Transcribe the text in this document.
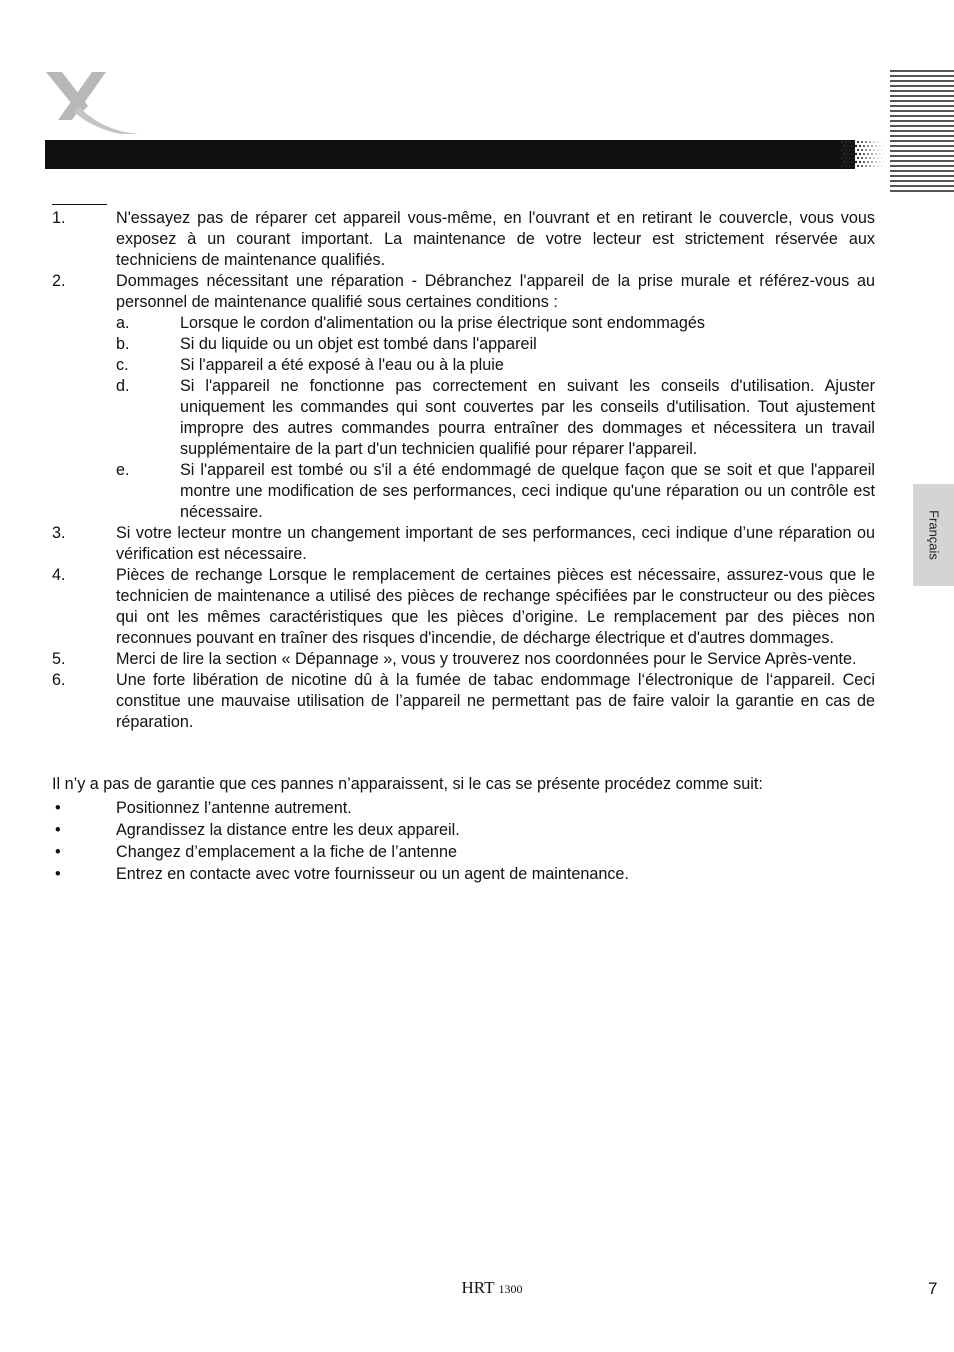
Français
1.	N'essayez pas de réparer cet appareil vous-même, en l'ouvrant et en retirant le couvercle, vous vous exposez à un courant important. La maintenance de votre lecteur est strictement réservée aux techniciens de maintenance qualifiés.
2.	Dommages nécessitant une réparation - Débranchez l'appareil de la prise murale et référez-vous au personnel de maintenance qualifié sous certaines conditions :
a.	Lorsque le cordon d'alimentation ou la prise électrique sont endommagés
b.	Si du liquide ou un objet est tombé dans l'appareil
c.	Si l'appareil a été exposé à l'eau ou à la pluie
d.	Si l'appareil ne fonctionne pas correctement en suivant les conseils d'utilisation. Ajuster uniquement les commandes qui sont couvertes par les conseils d'utilisation. Tout ajustement impropre des autres commandes pourra entraîner des dommages et nécessitera un travail supplémentaire de la part d'un technicien qualifié pour réparer l'appareil.
e.	Si l'appareil est tombé ou s'il a été endommagé de quelque façon que se soit et que l'appareil montre une modification de ses performances, ceci indique qu'une réparation ou un contrôle est nécessaire.
3.	Si votre lecteur montre un changement important de ses performances, ceci indique d’une réparation ou vérification est nécessaire.
4.	Pièces de rechange Lorsque le remplacement de certaines pièces est nécessaire, assurez-vous que le technicien de maintenance a utilisé des pièces de rechange spécifiées par le constructeur ou des pièces qui ont les mêmes caractéristiques que les pièces d’origine. Le remplacement par des pièces non reconnues pouvant en traîner des risques d'incendie, de décharge électrique et d'autres dommages.
5.	Merci de lire la section « Dépannage », vous y trouverez nos coordonnées pour le Service Après-vente.
6.	Une forte libération de nicotine dû à la fumée de tabac endommage l‘électronique de l‘appareil. Ceci constitue une mauvaise utilisation de l’appareil ne permettant pas de faire valoir la garantie en cas de réparation.
Il n’y a pas de garantie que ces pannes n’apparaissent, si le cas se présente procédez comme suit:
•	Positionnez l’antenne autrement.
•	Agrandissez la distance entre les deux appareil.
•	Changez d’emplacement a la fiche de l’antenne
•	Entrez en contacte avec votre fournisseur ou un agent de maintenance.
HRT 1300	7
